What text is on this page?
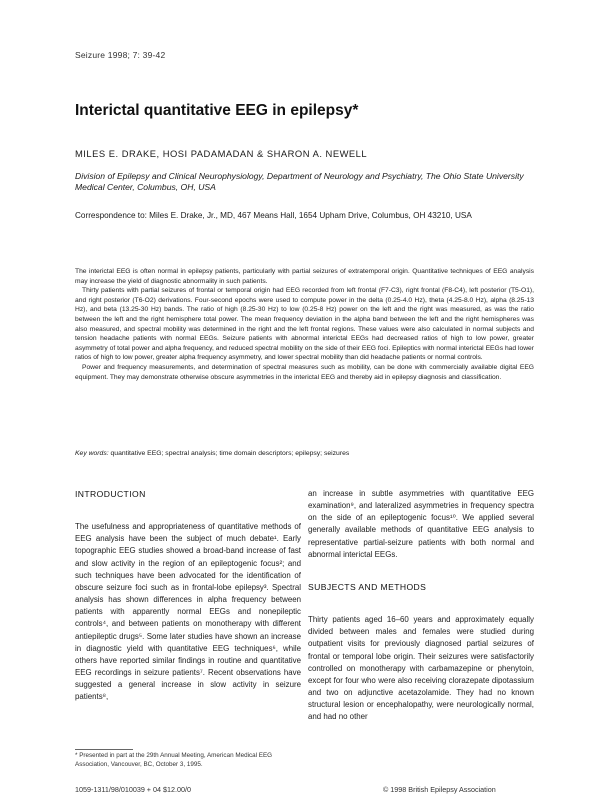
Seizure 1998; 7: 39-42
Interictal quantitative EEG in epilepsy*
MILES E. DRAKE, HOSI PADAMADAN & SHARON A. NEWELL
Division of Epilepsy and Clinical Neurophysiology, Department of Neurology and Psychiatry, The Ohio State University Medical Center, Columbus, OH, USA
Correspondence to: Miles E. Drake, Jr., MD, 467 Means Hall, 1654 Upham Drive, Columbus, OH 43210, USA

The interictal EEG is often normal in epilepsy patients, particularly with partial seizures of extratemporal origin. Quantitative techniques of EEG analysis may increase the yield of diagnostic abnormality in such patients.

Thirty patients with partial seizures of frontal or temporal origin had EEG recorded from left frontal (F7-C3), right frontal (F8-C4), left posterior (T5-O1), and right posterior (T6-O2) derivations. Four-second epochs were used to compute power in the delta (0.25-4.0 Hz), theta (4.25-8.0 Hz), alpha (8.25-13 Hz), and beta (13.25-30 Hz) bands. The ratio of high (8.25-30 Hz) to low (0.25-8 Hz) power on the left and the right was measured, as was the ratio between the left and the right hemisphere total power. The mean frequency deviation in the alpha band between the left and the right hemispheres was also measured, and spectral mobility was determined in the right and the left frontal regions. These values were also calculated in normal subjects and tension headache patients with normal EEGs. Seizure patients with abnormal interictal EEGs had decreased ratios of high to low power, greater asymmetry of total power and alpha frequency, and reduced spectral mobility on the side of their EEG foci. Epileptics with normal interictal EEGs had lower ratios of high to low power, greater alpha frequency asymmetry, and lower spectral mobility than did headache patients or normal controls.

Power and frequency measurements, and determination of spectral measures such as mobility, can be done with commercially available digital EEG equipment. They may demonstrate otherwise obscure asymmetries in the interictal EEG and thereby aid in epilepsy diagnosis and classification.

Key words: quantitative EEG; spectral analysis; time domain descriptors; epilepsy; seizures
INTRODUCTION

The usefulness and appropriateness of quantitative methods of EEG analysis have been the subject of much debate¹. Early topographic EEG studies showed a broad-band increase of fast and slow activity in the region of an epileptogenic focus²; and such techniques have been advocated for the identification of obscure seizure foci such as in frontal-lobe epilepsy³. Spectral analysis has shown differences in alpha frequency between patients with apparently normal EEGs and nonepileptic controls⁴, and between patients on monotherapy with different antiepileptic drugs⁵. Some later studies have shown an increase in diagnostic yield with quantitative EEG techniques⁶, while others have reported similar findings in routine and quantitative EEG recordings in seizure patients⁷. Recent observations have suggested a general increase in slow activity in seizure patients⁸,

an increase in subtle asymmetries with quantitative EEG examination⁹, and lateralized asymmetries in frequency spectra on the side of an epileptogenic focus¹⁰. We applied several generally available methods of quantitative EEG analysis to representative partial-seizure patients with both normal and abnormal interictal EEGs.

SUBJECTS AND METHODS

Thirty patients aged 16–60 years and approximately equally divided between males and females were studied during outpatient visits for previously diagnosed partial seizures of frontal or temporal lobe origin. Their seizures were satisfactorily controlled on monotherapy with carbamazepine or phenytoin, except for four who were also receiving clorazepate dipotassium and two on adjunctive acetazolamide. They had no known structural lesion or encephalopathy, were neurologically normal, and had no other

* Presented in part at the 29th Annual Meeting, American Medical EEG Association, Vancouver, BC, October 3, 1995.
1059-1311/98/010039 + 04 $12.00/0	© 1998 British Epilepsy Association
